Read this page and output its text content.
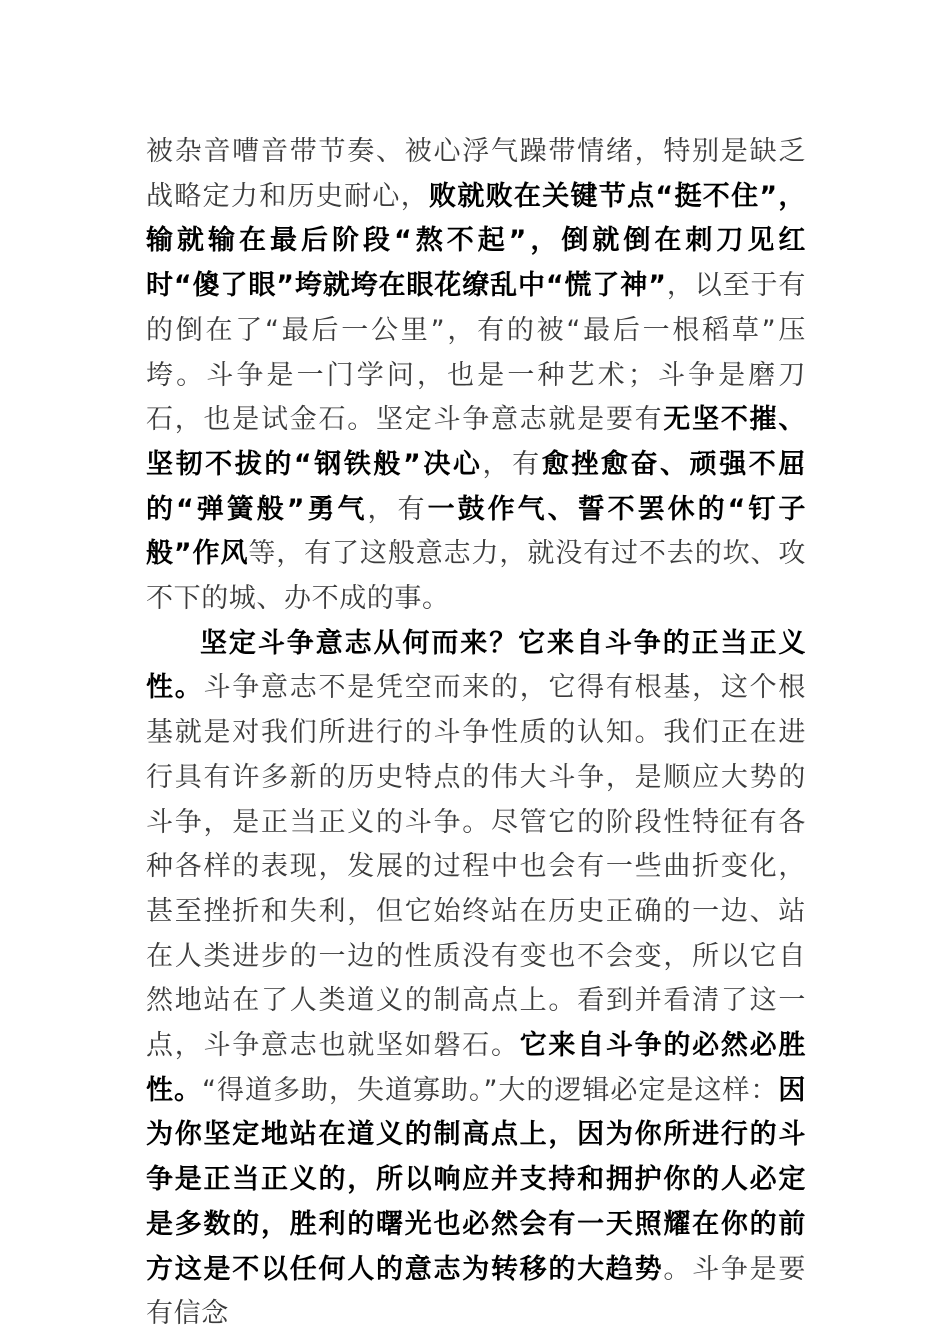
被杂音嘈音带节奏、被心浮气躁带情绪，特别是缺乏战略定力和历史耐心，败就败在关键节点“挺不住”，输就输在最后阶段“熬不起”，倒就倒在刺刀见红时“傻了眼”垮就垮在眼花缭乱中“慌了神”，以至于有的倒在了“最后一公里”，有的被“最后一根稻草”压垮。斗争是一门学问，也是一种艺术；斗争是磨刀石，也是试金石。坚定斗争意志就是要有无坚不摧、坚韧不拔的“钢铁般”决心，有愈挫愈奋、顽强不屈的“弹簧般”勇气，有一鼓作气、誓不罢休的“钉子般”作风等，有了这般意志力，就没有过不去的坎、攻不下的城、办不成的事。

坚定斗争意志从何而来？它来自斗争的正当正义性。斗争意志不是凭空而来的，它得有根基，这个根基就是对我们所进行的斗争性质的认知。我们正在进行具有许多新的历史特点的伟大斗争，是顺应大势的斗争，是正当正义的斗争。尽管它的阶段性特征有各种各样的表现，发展的过程中也会有一些曲折变化，甚至挫折和失利，但它始终站在历史正确的一边、站在人类进步的一边的性质没有变也不会变，所以它自然地站在了人类道义的制高点上。看到并看清了这一点，斗争意志也就坚如磐石。它来自斗争的必然必胜性。“得道多助，失道寡助。”大的逻辑必定是这样：因为你坚定地站在道义的制高点上，因为你所进行的斗争是正当正义的，所以响应并支持和拥护你的人必定是多数的，胜利的曙光也必然会有一天照耀在你的前方这是不以任何人的意志为转移的大趋势。斗争是要有信念
